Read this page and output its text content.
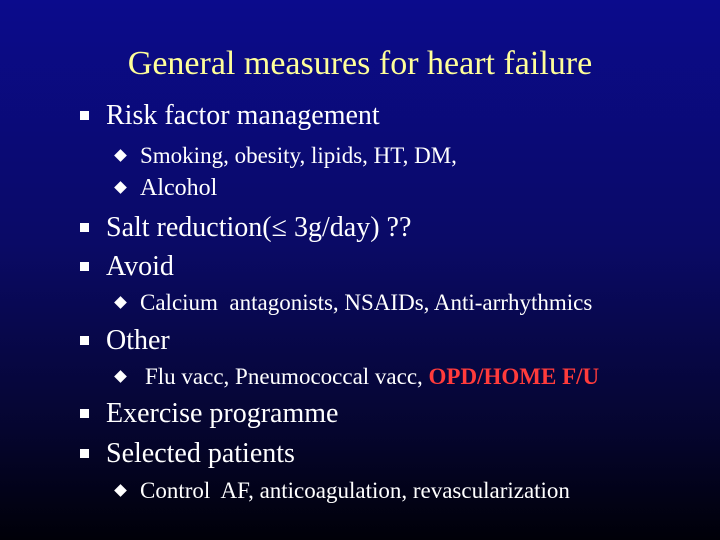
General measures for heart failure
Risk factor management
Smoking, obesity, lipids, HT, DM,
Alcohol
Salt reduction(≤ 3g/day) ??
Avoid
Calcium  antagonists, NSAIDs, Anti-arrhythmics
Other
Flu vacc, Pneumococcal vacc, OPD/HOME F/U
Exercise programme
Selected patients
Control  AF, anticoagulation, revascularization
